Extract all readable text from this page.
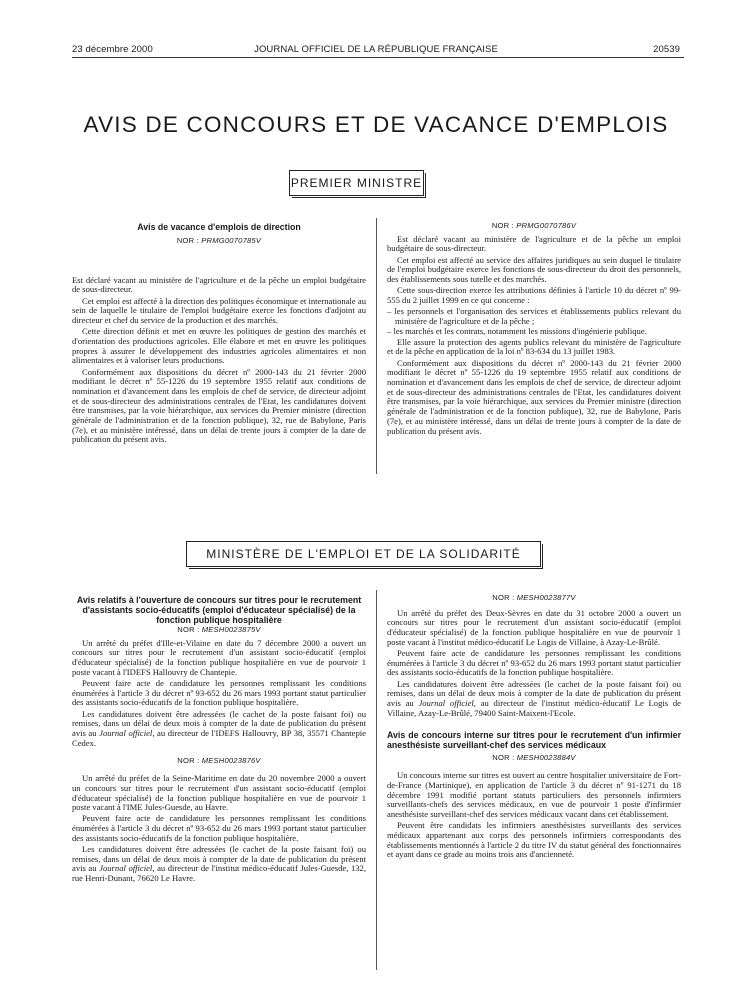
23 décembre 2000	JOURNAL OFFICIEL DE LA RÉPUBLIQUE FRANÇAISE	20539
AVIS DE CONCOURS ET DE VACANCE D'EMPLOIS
PREMIER MINISTRE
Avis de vacance d'emplois de direction
NOR : PRMG0070785V

Est déclaré vacant au ministère de l'agriculture et de la pêche un emploi budgétaire de sous-directeur.

Cet emploi est affecté à la direction des politiques économique et internationale au sein de laquelle le titulaire de l'emploi budgétaire exerce les fonctions d'adjoint au directeur et chef du service de la production et des marchés.

Cette direction définit et met en œuvre les politiques de gestion des marchés et d'orientation des productions agricoles. Elle élabore et met en œuvre les politiques propres à assurer le développement des industries agricoles alimentaires et non alimentaires et à valoriser leurs productions.

Conformément aux dispositions du décret nº 2000-143 du 21 février 2000 modifiant le décret nº 55-1226 du 19 septembre 1955 relatif aux conditions de nomination et d'avancement dans les emplois de chef de service, de directeur adjoint et de sous-directeur des administrations centrales de l'Etat, les candidatures doivent être transmises, par la voie hiérarchique, aux services du Premier ministre (direction générale de l'administration et de la fonction publique), 32, rue de Babylone, Paris (7e), et au ministère intéressé, dans un délai de trente jours à compter de la date de publication du présent avis.

NOR : PRMG0070786V

Est déclaré vacant au ministère de l'agriculture et de la pêche un emploi budgétaire de sous-directeur.

Cet emploi est affecté au service des affaires juridiques au sein duquel le titulaire de l'emploi budgétaire exerce les fonctions de sous-directeur du droit des personnels, des établissements sous tutelle et des marchés.

Cette sous-direction exerce les attributions définies à l'article 10 du décret nº 99-555 du 2 juillet 1999 en ce qui concerne :

– les personnels et l'organisation des services et établissements publics relevant du ministère de l'agriculture et de la pêche ;

– les marchés et les contrats, notamment les missions d'ingénierie publique.

Elle assure la protection des agents publics relevant du ministère de l'agriculture et de la pêche en application de la loi nº 83-634 du 13 juillet 1983.

Conformément aux dispositions du décret nº 2000-143 du 21 février 2000 modifiant le décret nº 55-1226 du 19 septembre 1955 relatif aux conditions de nomination et d'avancement dans les emplois de chef de service, de directeur adjoint et de sous-directeur des administrations centrales de l'Etat, les candidatures doivent être transmises, par la voie hiérarchique, aux services du Premier ministre (direction générale de l'administration et de la fonction publique), 32, rue de Babylone, Paris (7e), et au ministère intéressé, dans un délai de trente jours à compter de la date de publication du présent avis.

MINISTÈRE DE L'EMPLOI ET DE LA SOLIDARITÉ
Avis relatifs à l'ouverture de concours sur titres pour le recrutement d'assistants socio-éducatifs (emploi d'éducateur spécialisé) de la fonction publique hospitalière
NOR : MESH0023875V

Un arrêté du préfet d'Ille-et-Vilaine en date du 7 décembre 2000 a ouvert un concours sur titres pour le recrutement d'un assistant socio-éducatif (emploi d'éducateur spécialisé) de la fonction publique hospitalière en vue de pourvoir 1 poste vacant à l'IDEFS Hallouvry de Chantepie.

Peuvent faire acte de candidature les personnes remplissant les conditions énumérées à l'article 3 du décret nº 93-652 du 26 mars 1993 portant statut particulier des assistants socio-éducatifs de la fonction publique hospitalière.

Les candidatures doivent être adressées (le cachet de la poste faisant foi) ou remises, dans un délai de deux mois à compter de la date de publication du présent avis au Journal officiel, au directeur de l'IDEFS Hallouvry, BP 38, 35571 Chantepie Cedex.

NOR : MESH0023876V

Un arrêté du préfet de la Seine-Maritime en date du 20 novembre 2000 a ouvert un concours sur titres pour le recrutement d'un assistant socio-éducatif (emploi d'éducateur spécialisé) de la fonction publique hospitalière en vue de pourvoir 1 poste vacant à l'IME Jules-Guesde, au Havre.

Peuvent faire acte de candidature les personnes remplissant les conditions énumérées à l'article 3 du décret nº 93-652 du 26 mars 1993 portant statut particulier des assistants socio-éducatifs de la fonction publique hospitalière.

Les candidatures doivent être adressées (le cachet de la poste faisant foi) ou remises, dans un délai de deux mois à compter de la date de publication du présent avis au Journal officiel, au directeur de l'institut médico-éducatif Jules-Guesde, 132, rue Henri-Dunant, 76620 Le Havre.

NOR : MESH0023877V

Un arrêté du préfet des Deux-Sèvres en date du 31 octobre 2000 a ouvert un concours sur titres pour le recrutement d'un assistant socio-éducatif (emploi d'éducateur spécialisé) de la fonction publique hospitalière en vue de pourvoir 1 poste vacant à l'institut médico-éducatif Le Logis de Villaine, à Azay-Le-Brûlé.

Peuvent faire acte de candidature les personnes remplissant les conditions énumérées à l'article 3 du décret nº 93-652 du 26 mars 1993 portant statut particulier des assistants socio-éducatifs de la fonction publique hospitalière.

Les candidatures doivent être adressées (le cachet de la poste faisant foi) ou remises, dans un délai de deux mois à compter de la date de publication du présent avis au Journal officiel, au directeur de l'institut médico-éducatif Le Logis de Villaine, Azay-Le-Brûlé, 79400 Saint-Maixent-l'Ecole.

Avis de concours interne sur titres pour le recrutement d'un infirmier anesthésiste surveillant-chef des services médicaux
NOR : MESH0023884V

Un concours interne sur titres est ouvert au centre hospitalier universitaire de Fort-de-France (Martinique), en application de l'article 3 du décret nº 91-1271 du 18 décembre 1991 modifié portant statuts particuliers des personnels infirmiers surveillants-chefs des services médicaux, en vue de pourvoir 1 poste d'infirmier anesthésiste surveillant-chef des services médicaux vacant dans cet établissement.

Peuvent être candidats les infirmiers anesthésistes surveillants des services médicaux appartenant aux corps des personnels infirmiers correspondants des établissements mentionnés à l'article 2 du titre IV du statut général des fonctionnaires et ayant dans ce grade au moins trois ans d'ancienneté.
